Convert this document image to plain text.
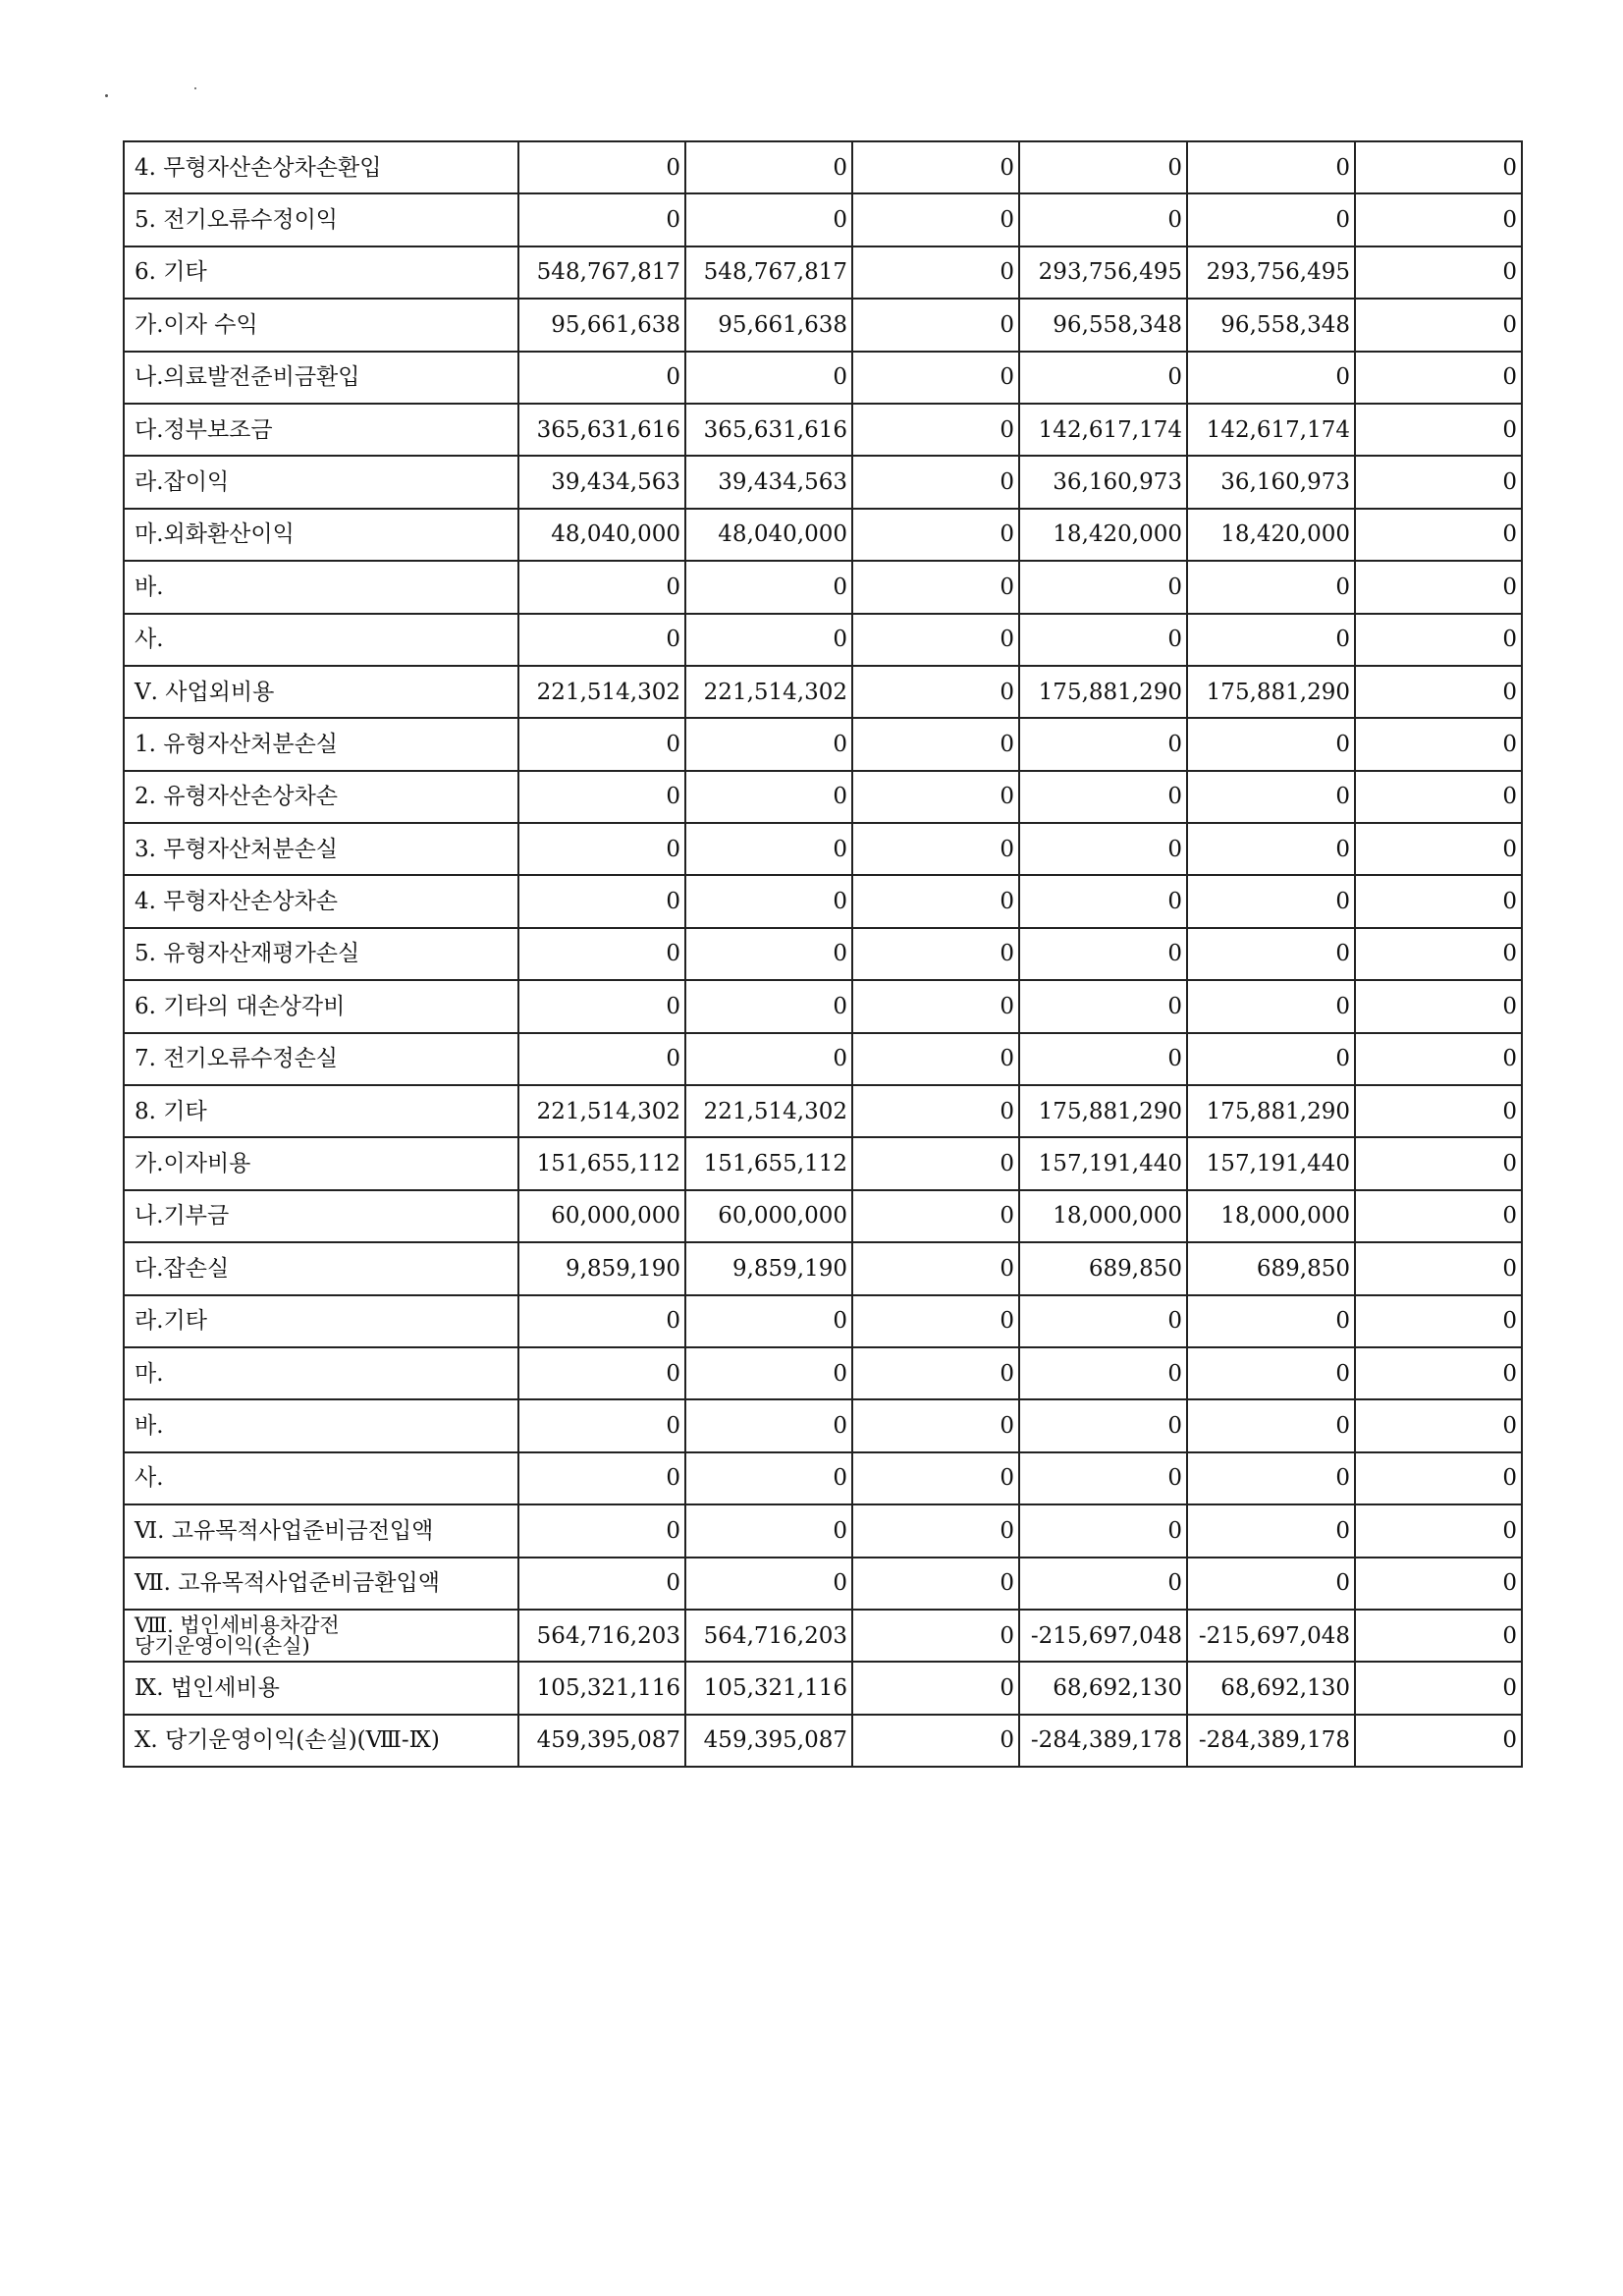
4. 무형자산손상차손환입	0	0	0	0	0	0
5. 전기오류수정이익	0	0	0	0	0	0
6. 기타	548,767,817	548,767,817	0	293,756,495	293,756,495	0
가.이자 수익	95,661,638	95,661,638	0	96,558,348	96,558,348	0
나.의료발전준비금환입	0	0	0	0	0	0
다.정부보조금	365,631,616	365,631,616	0	142,617,174	142,617,174	0
라.잡이익	39,434,563	39,434,563	0	36,160,973	36,160,973	0
마.외화환산이익	48,040,000	48,040,000	0	18,420,000	18,420,000	0
바.	0	0	0	0	0	0
사.	0	0	0	0	0	0
Ⅴ. 사업외비용	221,514,302	221,514,302	0	175,881,290	175,881,290	0
1. 유형자산처분손실	0	0	0	0	0	0
2. 유형자산손상차손	0	0	0	0	0	0
3. 무형자산처분손실	0	0	0	0	0	0
4. 무형자산손상차손	0	0	0	0	0	0
5. 유형자산재평가손실	0	0	0	0	0	0
6. 기타의 대손상각비	0	0	0	0	0	0
7. 전기오류수정손실	0	0	0	0	0	0
8. 기타	221,514,302	221,514,302	0	175,881,290	175,881,290	0
가.이자비용	151,655,112	151,655,112	0	157,191,440	157,191,440	0
나.기부금	60,000,000	60,000,000	0	18,000,000	18,000,000	0
다.잡손실	9,859,190	9,859,190	0	689,850	689,850	0
라.기타	0	0	0	0	0	0
마.	0	0	0	0	0	0
바.	0	0	0	0	0	0
사.	0	0	0	0	0	0
Ⅵ. 고유목적사업준비금전입액	0	0	0	0	0	0
Ⅶ. 고유목적사업준비금환입액	0	0	0	0	0	0
Ⅷ. 법인세비용차감전
당기운영이익(손실)	564,716,203	564,716,203	0	-215,697,048	-215,697,048	0
Ⅸ. 법인세비용	105,321,116	105,321,116	0	68,692,130	68,692,130	0
Ⅹ. 당기운영이익(손실)(Ⅷ-Ⅸ)	459,395,087	459,395,087	0	-284,389,178	-284,389,178	0
